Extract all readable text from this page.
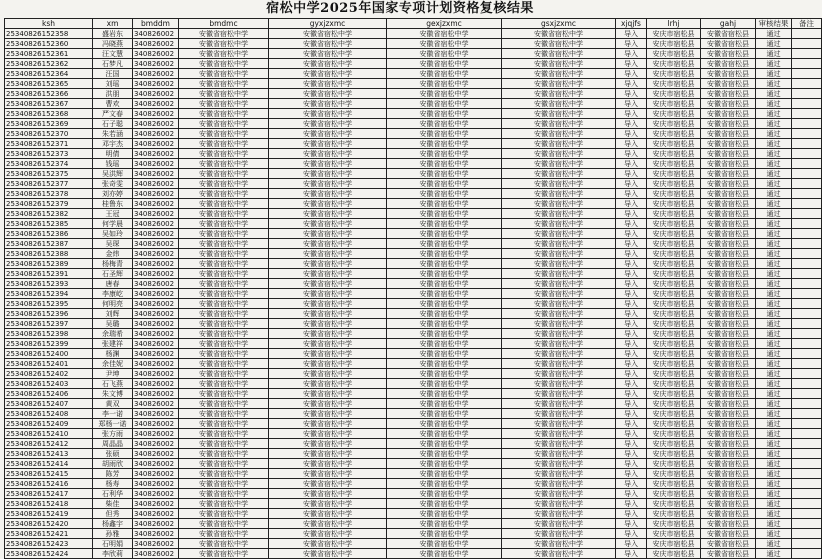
宿松中学2025年国家专项计划资格复核结果
ksh	xm	bmddm	bmdmc	gyxjzxmc	gexjzxmc	gsxjzxmc	xjqjfs	lrhj	gahj	审核结果	备注
25340826152358	盛岩东	340826002	安徽省宿松中学	安徽省宿松中学	安徽省宿松中学	安徽省宿松中学	导入	安庆市宿松县	安徽省宿松县	通过	
25340826152360	冯晓燕	340826002	安徽省宿松中学	安徽省宿松中学	安徽省宿松中学	安徽省宿松中学	导入	安庆市宿松县	安徽省宿松县	通过	
25340826152361	汪文慧	340826002	安徽省宿松中学	安徽省宿松中学	安徽省宿松中学	安徽省宿松中学	导入	安庆市宿松县	安徽省宿松县	通过	
25340826152362	石梦凡	340826002	安徽省宿松中学	安徽省宿松中学	安徽省宿松中学	安徽省宿松中学	导入	安庆市宿松县	安徽省宿松县	通过	
25340826152364	汪国	340826002	安徽省宿松中学	安徽省宿松中学	安徽省宿松中学	安徽省宿松中学	导入	安庆市宿松县	安徽省宿松县	通过	
25340826152365	刘瑶	340826002	安徽省宿松中学	安徽省宿松中学	安徽省宿松中学	安徽省宿松中学	导入	安庆市宿松县	安徽省宿松县	通过	
25340826152366	洪朋	340826002	安徽省宿松中学	安徽省宿松中学	安徽省宿松中学	安徽省宿松中学	导入	安庆市宿松县	安徽省宿松县	通过	
25340826152367	曹欢	340826002	安徽省宿松中学	安徽省宿松中学	安徽省宿松中学	安徽省宿松中学	导入	安庆市宿松县	安徽省宿松县	通过	
25340826152368	严文春	340826002	安徽省宿松中学	安徽省宿松中学	安徽省宿松中学	安徽省宿松中学	导入	安庆市宿松县	安徽省宿松县	通过	
25340826152369	石子聪	340826002	安徽省宿松中学	安徽省宿松中学	安徽省宿松中学	安徽省宿松中学	导入	安庆市宿松县	安徽省宿松县	通过	
25340826152370	朱若涵	340826002	安徽省宿松中学	安徽省宿松中学	安徽省宿松中学	安徽省宿松中学	导入	安庆市宿松县	安徽省宿松县	通过	
25340826152371	邓宇杰	340826002	安徽省宿松中学	安徽省宿松中学	安徽省宿松中学	安徽省宿松中学	导入	安庆市宿松县	安徽省宿松县	通过	
25340826152373	明倩	340826002	安徽省宿松中学	安徽省宿松中学	安徽省宿松中学	安徽省宿松中学	导入	安庆市宿松县	安徽省宿松县	通过	
25340826152374	钱瑶	340826002	安徽省宿松中学	安徽省宿松中学	安徽省宿松中学	安徽省宿松中学	导入	安庆市宿松县	安徽省宿松县	通过	
25340826152375	吴洪辉	340826002	安徽省宿松中学	安徽省宿松中学	安徽省宿松中学	安徽省宿松中学	导入	安庆市宿松县	安徽省宿松县	通过	
25340826152377	张奇雯	340826002	安徽省宿松中学	安徽省宿松中学	安徽省宿松中学	安徽省宿松中学	导入	安庆市宿松县	安徽省宿松县	通过	
25340826152378	刘亦婷	340826002	安徽省宿松中学	安徽省宿松中学	安徽省宿松中学	安徽省宿松中学	导入	安庆市宿松县	安徽省宿松县	通过	
25340826152379	桂鲁东	340826002	安徽省宿松中学	安徽省宿松中学	安徽省宿松中学	安徽省宿松中学	导入	安庆市宿松县	安徽省宿松县	通过	
25340826152382	王冠	340826002	安徽省宿松中学	安徽省宿松中学	安徽省宿松中学	安徽省宿松中学	导入	安庆市宿松县	安徽省宿松县	通过	
25340826152385	何学晨	340826002	安徽省宿松中学	安徽省宿松中学	安徽省宿松中学	安徽省宿松中学	导入	安庆市宿松县	安徽省宿松县	通过	
25340826152386	吴如玲	340826002	安徽省宿松中学	安徽省宿松中学	安徽省宿松中学	安徽省宿松中学	导入	安庆市宿松县	安徽省宿松县	通过	
25340826152387	吴琛	340826002	安徽省宿松中学	安徽省宿松中学	安徽省宿松中学	安徽省宿松中学	导入	安庆市宿松县	安徽省宿松县	通过	
25340826152388	金炜	340826002	安徽省宿松中学	安徽省宿松中学	安徽省宿松中学	安徽省宿松中学	导入	安庆市宿松县	安徽省宿松县	通过	
25340826152389	杨梅青	340826002	安徽省宿松中学	安徽省宿松中学	安徽省宿松中学	安徽省宿松中学	导入	安庆市宿松县	安徽省宿松县	通过	
25340826152391	石圣辉	340826002	安徽省宿松中学	安徽省宿松中学	安徽省宿松中学	安徽省宿松中学	导入	安庆市宿松县	安徽省宿松县	通过	
25340826152393	唐春	340826002	安徽省宿松中学	安徽省宿松中学	安徽省宿松中学	安徽省宿松中学	导入	安庆市宿松县	安徽省宿松县	通过	
25340826152394	李康屹	340826002	安徽省宿松中学	安徽省宿松中学	安徽省宿松中学	安徽省宿松中学	导入	安庆市宿松县	安徽省宿松县	通过	
25340826152395	何明亮	340826002	安徽省宿松中学	安徽省宿松中学	安徽省宿松中学	安徽省宿松中学	导入	安庆市宿松县	安徽省宿松县	通过	
25340826152396	刘辉	340826002	安徽省宿松中学	安徽省宿松中学	安徽省宿松中学	安徽省宿松中学	导入	安庆市宿松县	安徽省宿松县	通过	
25340826152397	吴璐	340826002	安徽省宿松中学	安徽省宿松中学	安徽省宿松中学	安徽省宿松中学	导入	安庆市宿松县	安徽省宿松县	通过	
25340826152398	余瑞希	340826002	安徽省宿松中学	安徽省宿松中学	安徽省宿松中学	安徽省宿松中学	导入	安庆市宿松县	安徽省宿松县	通过	
25340826152399	张建祥	340826002	安徽省宿松中学	安徽省宿松中学	安徽省宿松中学	安徽省宿松中学	导入	安庆市宿松县	安徽省宿松县	通过	
25340826152400	杨渊	340826002	安徽省宿松中学	安徽省宿松中学	安徽省宿松中学	安徽省宿松中学	导入	安庆市宿松县	安徽省宿松县	通过	
25340826152401	余佳妮	340826002	安徽省宿松中学	安徽省宿松中学	安徽省宿松中学	安徽省宿松中学	导入	安庆市宿松县	安徽省宿松县	通过	
25340826152402	尹坤	340826002	安徽省宿松中学	安徽省宿松中学	安徽省宿松中学	安徽省宿松中学	导入	安庆市宿松县	安徽省宿松县	通过	
25340826152403	石飞燕	340826002	安徽省宿松中学	安徽省宿松中学	安徽省宿松中学	安徽省宿松中学	导入	安庆市宿松县	安徽省宿松县	通过	
25340826152406	朱文博	340826002	安徽省宿松中学	安徽省宿松中学	安徽省宿松中学	安徽省宿松中学	导入	安庆市宿松县	安徽省宿松县	通过	
25340826152407	黄双	340826002	安徽省宿松中学	安徽省宿松中学	安徽省宿松中学	安徽省宿松中学	导入	安庆市宿松县	安徽省宿松县	通过	
25340826152408	李一诺	340826002	安徽省宿松中学	安徽省宿松中学	安徽省宿松中学	安徽省宿松中学	导入	安庆市宿松县	安徽省宿松县	通过	
25340826152409	郑杨一诺	340826002	安徽省宿松中学	安徽省宿松中学	安徽省宿松中学	安徽省宿松中学	导入	安庆市宿松县	安徽省宿松县	通过	
25340826152410	张方雨	340826002	安徽省宿松中学	安徽省宿松中学	安徽省宿松中学	安徽省宿松中学	导入	安庆市宿松县	安徽省宿松县	通过	
25340826152412	周晶晶	340826002	安徽省宿松中学	安徽省宿松中学	安徽省宿松中学	安徽省宿松中学	导入	安庆市宿松县	安徽省宿松县	通过	
25340826152413	张硕	340826002	安徽省宿松中学	安徽省宿松中学	安徽省宿松中学	安徽省宿松中学	导入	安庆市宿松县	安徽省宿松县	通过	
25340826152414	胡雨欣	340826002	安徽省宿松中学	安徽省宿松中学	安徽省宿松中学	安徽省宿松中学	导入	安庆市宿松县	安徽省宿松县	通过	
25340826152415	陈芳	340826002	安徽省宿松中学	安徽省宿松中学	安徽省宿松中学	安徽省宿松中学	导入	安庆市宿松县	安徽省宿松县	通过	
25340826152416	杨寿	340826002	安徽省宿松中学	安徽省宿松中学	安徽省宿松中学	安徽省宿松中学	导入	安庆市宿松县	安徽省宿松县	通过	
25340826152417	石利华	340826002	安徽省宿松中学	安徽省宿松中学	安徽省宿松中学	安徽省宿松中学	导入	安庆市宿松县	安徽省宿松县	通过	
25340826152418	柴佳	340826002	安徽省宿松中学	安徽省宿松中学	安徽省宿松中学	安徽省宿松中学	导入	安庆市宿松县	安徽省宿松县	通过	
25340826152419	但秀	340826002	安徽省宿松中学	安徽省宿松中学	安徽省宿松中学	安徽省宿松中学	导入	安庆市宿松县	安徽省宿松县	通过	
25340826152420	杨鑫宇	340826002	安徽省宿松中学	安徽省宿松中学	安徽省宿松中学	安徽省宿松中学	导入	安庆市宿松县	安徽省宿松县	通过	
25340826152421	孙雅	340826002	安徽省宿松中学	安徽省宿松中学	安徽省宿松中学	安徽省宿松中学	导入	安庆市宿松县	安徽省宿松县	通过	
25340826152423	石明娟	340826002	安徽省宿松中学	安徽省宿松中学	安徽省宿松中学	安徽省宿松中学	导入	安庆市宿松县	安徽省宿松县	通过	
25340826152424	李欣莉	340826002	安徽省宿松中学	安徽省宿松中学	安徽省宿松中学	安徽省宿松中学	导入	安庆市宿松县	安徽省宿松县	通过	
